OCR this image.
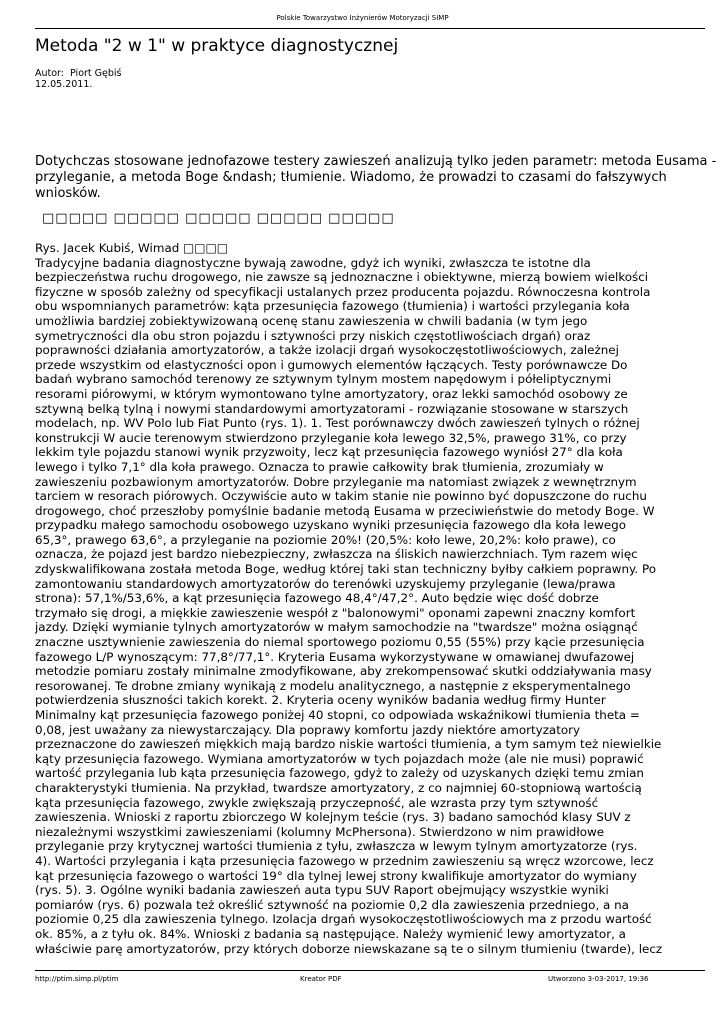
Polskie Towarzystwo Inżynierów Motoryzacji SIMP
Metoda "2 w 1" w praktyce diagnostycznej
Autor:  Piort Gębiś
12.05.2011.

Dotychczas stosowane jednofazowe testery zawieszeń analizują tylko jeden parametr: metoda Eusama -
przyleganie, a metoda Boge &ndash; tłumienie. Wiadomo, że prowadzi to czasami do fałszywych
wniosków.

□□□□□ □□□□□ □□□□□ □□□□□ □□□□□

Rys. Jacek Kubiś, Wimad □□□□
Tradycyjne badania diagnostyczne bywają zawodne, gdyż ich wyniki, zwłaszcza te istotne dla
bezpieczeństwa ruchu drogowego, nie zawsze są jednoznaczne i obiektywne, mierzą bowiem wielkości
fizyczne w sposób zależny od specyfikacji ustalanych przez producenta pojazdu. Równoczesna kontrola
obu wspomnianych parametrów: kąta przesunięcia fazowego (tłumienia) i wartości przylegania koła
umożliwia bardziej zobiektywizowaną ocenę stanu zawieszenia w chwili badania (w tym jego
symetryczności dla obu stron pojazdu i sztywności przy niskich częstotliwościach drgań) oraz
poprawności działania amortyzatorów, a także izolacji drgań wysokoczęstotliwościowych, zależnej
przede wszystkim od elastyczności opon i gumowych elementów łączących. Testy porównawcze Do
badań wybrano samochód terenowy ze sztywnym tylnym mostem napędowym i półeliptycznymi
resorami piórowymi, w którym wymontowano tylne amortyzatory, oraz lekki samochód osobowy ze
sztywną belką tylną i nowymi standardowymi amortyzatorami - rozwiązanie stosowane w starszych
modelach, np. WV Polo lub Fiat Punto (rys. 1). 1. Test porównawczy dwóch zawieszeń tylnych o różnej
konstrukcji W aucie terenowym stwierdzono przyleganie koła lewego 32,5%, prawego 31%, co przy
lekkim tyle pojazdu stanowi wynik przyzwoity, lecz kąt przesunięcia fazowego wyniósł 27° dla koła
lewego i tylko 7,1° dla koła prawego. Oznacza to prawie całkowity brak tłumienia, zrozumiały w
zawieszeniu pozbawionym amortyzatorów. Dobre przyleganie ma natomiast związek z wewnętrznym
tarciem w resorach piórowych. Oczywiście auto w takim stanie nie powinno być dopuszczone do ruchu
drogowego, choć przeszłoby pomyślnie badanie metodą Eusama w przeciwieństwie do metody Boge. W
przypadku małego samochodu osobowego uzyskano wyniki przesunięcia fazowego dla koła lewego
65,3°, prawego 63,6°, a przyleganie na poziomie 20%! (20,5%: koło lewe, 20,2%: koło prawe), co
oznacza, że pojazd jest bardzo niebezpieczny, zwłaszcza na śliskich nawierzchniach. Tym razem więc
zdyskwalifikowana została metoda Boge, według której taki stan techniczny byłby całkiem poprawny. Po
zamontowaniu standardowych amortyzatorów do terenówki uzyskujemy przyleganie (lewa/prawa
strona): 57,1%/53,6%, a kąt przesunięcia fazowego 48,4°/47,2°. Auto będzie więc dość dobrze
trzymało się drogi, a miękkie zawieszenie wespół z "balonowymi" oponami zapewni znaczny komfort
jazdy. Dzięki wymianie tylnych amortyzatorów w małym samochodzie na "twardsze" można osiągnąć
znaczne usztywnienie zawieszenia do niemal sportowego poziomu 0,55 (55%) przy kącie przesunięcia
fazowego L/P wynoszącym: 77,8°/77,1°. Kryteria Eusama wykorzystywane w omawianej dwufazowej
metodzie pomiaru zostały minimalne zmodyfikowane, aby zrekompensować skutki oddziaływania masy
resorowanej. Te drobne zmiany wynikają z modelu analitycznego, a następnie z eksperymentalnego
potwierdzenia słuszności takich korekt. 2. Kryteria oceny wyników badania według firmy Hunter
Minimalny kąt przesunięcia fazowego poniżej 40 stopni, co odpowiada wskaźnikowi tłumienia theta =
0,08, jest uważany za niewystarczający. Dla poprawy komfortu jazdy niektóre amortyzatory
przeznaczone do zawieszeń miękkich mają bardzo niskie wartości tłumienia, a tym samym też niewielkie
kąty przesunięcia fazowego. Wymiana amortyzatorów w tych pojazdach może (ale nie musi) poprawić
wartość przylegania lub kąta przesunięcia fazowego, gdyż to zależy od uzyskanych dzięki temu zmian
charakterystyki tłumienia. Na przykład, twardsze amortyzatory, z co najmniej 60-stopniową wartością
kąta przesunięcia fazowego, zwykle zwiększają przyczepność, ale wzrasta przy tym sztywność
zawieszenia. Wnioski z raportu zbiorczego W kolejnym teście (rys. 3) badano samochód klasy SUV z
niezależnymi wszystkimi zawieszeniami (kolumny McPhersona). Stwierdzono w nim prawidłowe
przyleganie przy krytycznej wartości tłumienia z tyłu, zwłaszcza w lewym tylnym amortyzatorze (rys.
4). Wartości przylegania i kąta przesunięcia fazowego w przednim zawieszeniu są wręcz wzorcowe, lecz
kąt przesunięcia fazowego o wartości 19° dla tylnej lewej strony kwalifikuje amortyzator do wymiany
(rys. 5). 3. Ogólne wyniki badania zawieszeń auta typu SUV Raport obejmujący wszystkie wyniki
pomiarów (rys. 6) pozwala też określić sztywność na poziomie 0,2 dla zawieszenia przedniego, a na
poziomie 0,25 dla zawieszenia tylnego. Izolacja drgań wysokoczęstotliwościowych ma z przodu wartość
ok. 85%, a z tyłu ok. 84%. Wnioski z badania są następujące. Należy wymienić lewy amortyzator, a
właściwie parę amortyzatorów, przy których doborze niewskazane są te o silnym tłumieniu (twarde), lecz

http://ptim.simp.pl/ptim	Kreator PDF	Utworzono 3-03-2017, 19:36
